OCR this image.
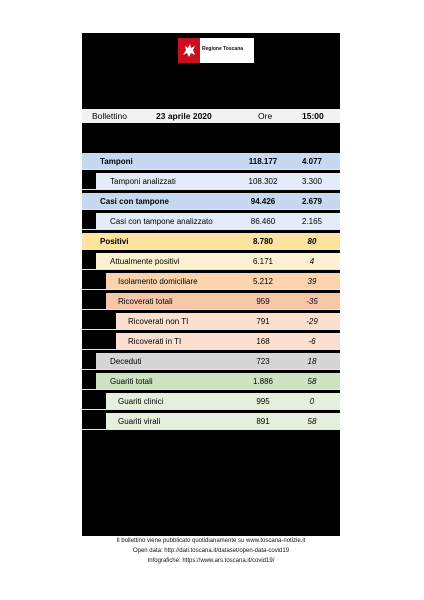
Regione Toscana
Bollettino	23 aprile 2020	Ore	15:00
Tamponi	118.177	4.077
Tamponi analizzati	108.302	3.300
Casi con tampone	94.426	2.679
Casi con tampone analizzato	86.460	2.165
Positivi	8.780	80
Attualmente positivi	6.171	4
Isolamento domiciliare	5.212	39
Ricoverati totali	959	-35
Ricoverati non TI	791	-29
Ricoverati in TI	168	-6
Deceduti	723	18
Guariti totali	1.886	58
Guariti clinici	995	0
Guariti virali	891	58
Il bollettino viene pubblicato quotidianamente su www.toscana-notizie.it
Open data: http://dati.toscana.it/dataset/open-data-covid19
Infografiche: https://www.ars.toscana.it/covid19/
